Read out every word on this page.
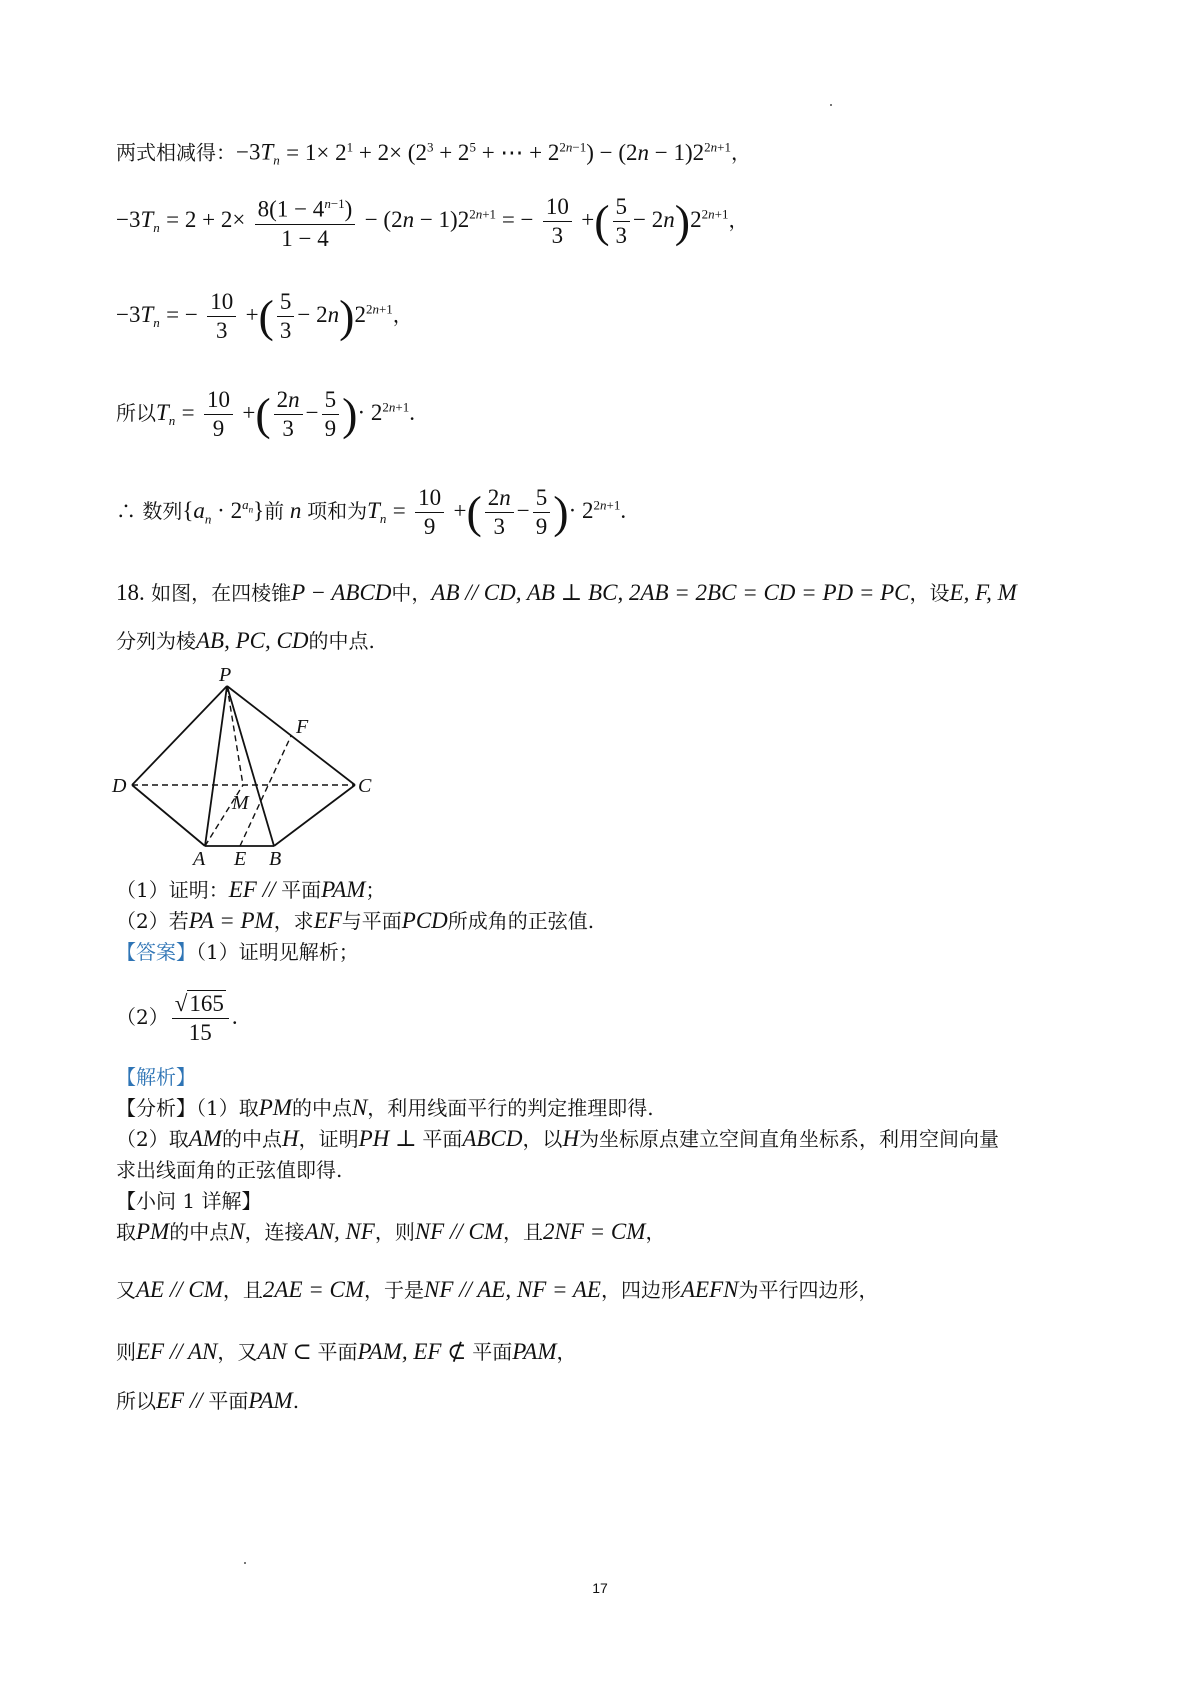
两式相减得：$-3T_n = 1\times 2^1 + 2\times (2^3 + 2^5$ + ⋯ + $2^{2n-1}) - (2n - 1)2^{2n+1}$，
$-3T_n = 2 + 2\times \frac{8(1 - 4^{n-1})}{1 - 4} - (2n - 1)2^{2n+1}$ = − $\frac{10}{3}$ +( $\frac{5}{3} - 2n)2^{2n+1}$，
$-3T_n$ = − $\frac{10}{3}$ +( $\frac{5}{3} - 2n)2^{2n+1}$，
所以$T_n = \frac{10}{9}$ +( $\frac{2n}{3} - \frac{5}{9}$ )· $2^{2n+1}$.
∴ 数列$\{a_n \cdot 2^{a_n}\}$前 n 项和为$T_n = \frac{10}{9}$ +( $\frac{2n}{3} - \frac{5}{9}$ )· $2^{2n+1}$.
18. 如图，在四棱锥P − ABCD中，AB // CD, AB ⊥ BC, 2AB = 2BC = CD = PD = PC，设E, F, M
分列为棱AB, PC, CD的中点.
P
F
D
M
C
A E B
（1）证明：EF // 平面PAM；
（2）若PA = PM，求EF与平面PCD所成角的正弦值.
【答案】（1）证明见解析；
$(2) \frac{√165}{15}$ .
【解析】
【分析】（1）取PM的中点N，利用线面平行的判定推理即得.
（2）取AM的中点H，证明PH ⊥ 平面ABCD，以H为坐标原点建立空间直角坐标系，利用空间向量
求出线面角的正弦值即得.
【小问 1 详解】
取PM的中点N，连接AN, NF，则NF // CM，且2NF = CM，
又AE // CM，且2AE = CM，于是NF // AE, NF = AE，四边形AEFN为平行四边形，
则EF // AN，又AN ⊂ 平面PAM, EF ⊄ 平面PAM，
所以EF // 平面PAM.
17
